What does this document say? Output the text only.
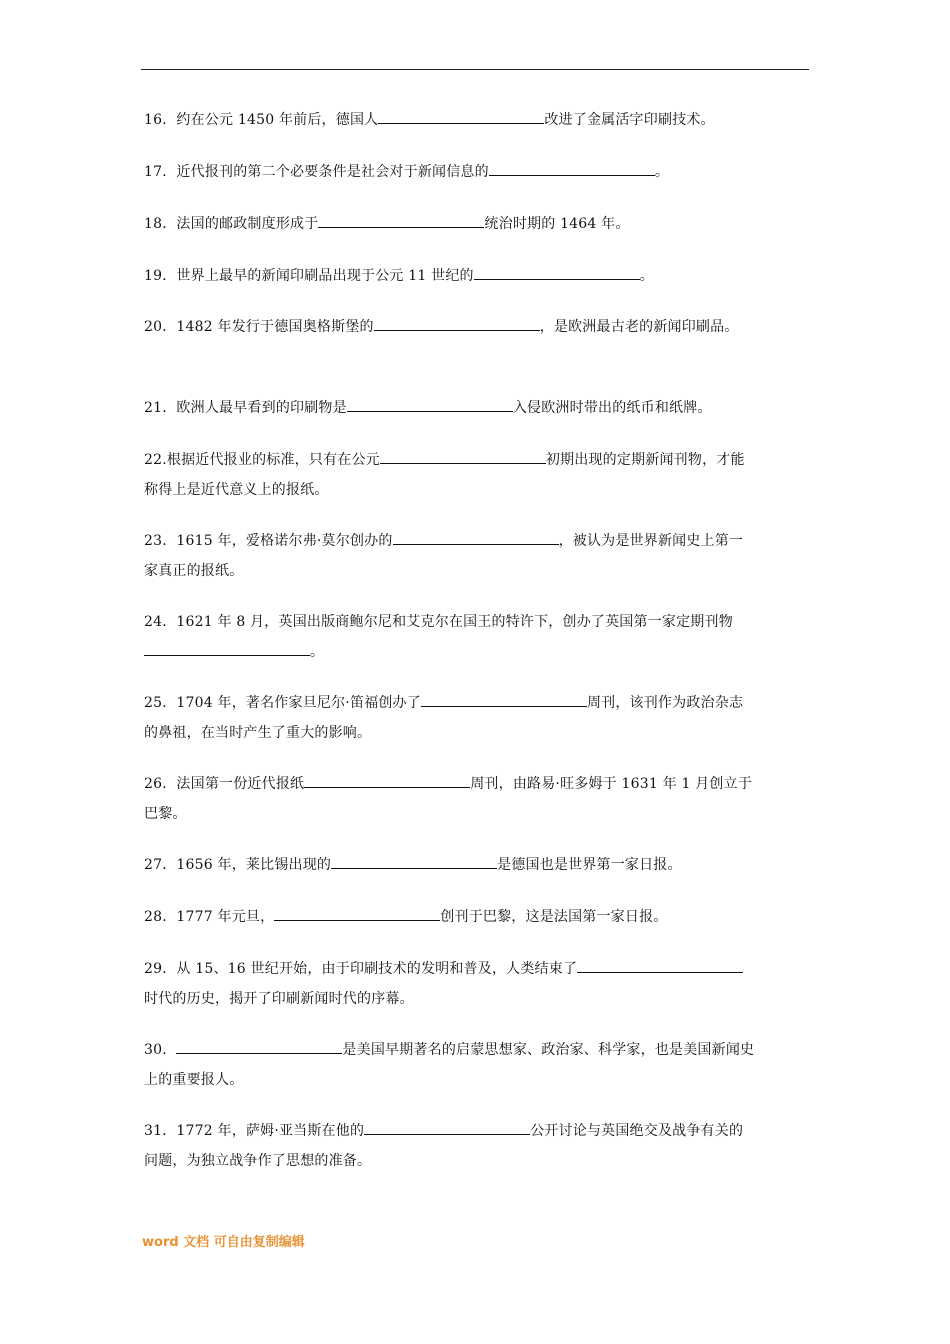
16．约在公元 1450 年前后，德国人	改进了金属活字印刷技术。
17．近代报刊的第二个必要条件是社会对于新闻信息的	。
18．法国的邮政制度形成于	统治时期的 1464 年。
19．世界上最早的新闻印刷品出现于公元 11 世纪的	。
20．1482 年发行于德国奥格斯堡的	，是欧洲最古老的新闻印刷品。
21．欧洲人最早看到的印刷物是	入侵欧洲时带出的纸币和纸牌。
22.根据近代报业的标准，只有在公元	初期出现的定期新闻刊物，才能称得上是近代意义上的报纸。
23．1615 年，爱格诺尔弗·莫尔创办的	，被认为是世界新闻史上第一家真正的报纸。
24．1621 年 8 月，英国出版商鲍尔尼和艾克尔在国王的特许下，创办了英国第一家定期刊物。
25．1704 年，著名作家旦尼尔·笛福创办了	周刊，该刊作为政治杂志的鼻祖，在当时产生了重大的影响。
26．法国第一份近代报纸	周刊，由路易·旺多姆于 1631 年 1 月创立于巴黎。
27．1656 年，莱比锡出现的	是德国也是世界第一家日报。
28．1777 年元旦，	创刊于巴黎，这是法国第一家日报。
29．从 15、16 世纪开始，由于印刷技术的发明和普及，人类结束了时代的历史，揭开了印刷新闻时代的序幕。
30．	是美国早期著名的启蒙思想家、政治家、科学家，也是美国新闻史上的重要报人。
31．1772 年，萨姆·亚当斯在他的	公开讨论与英国绝交及战争有关的问题，为独立战争作了思想的准备。
word 文档 可自由复制编辑
